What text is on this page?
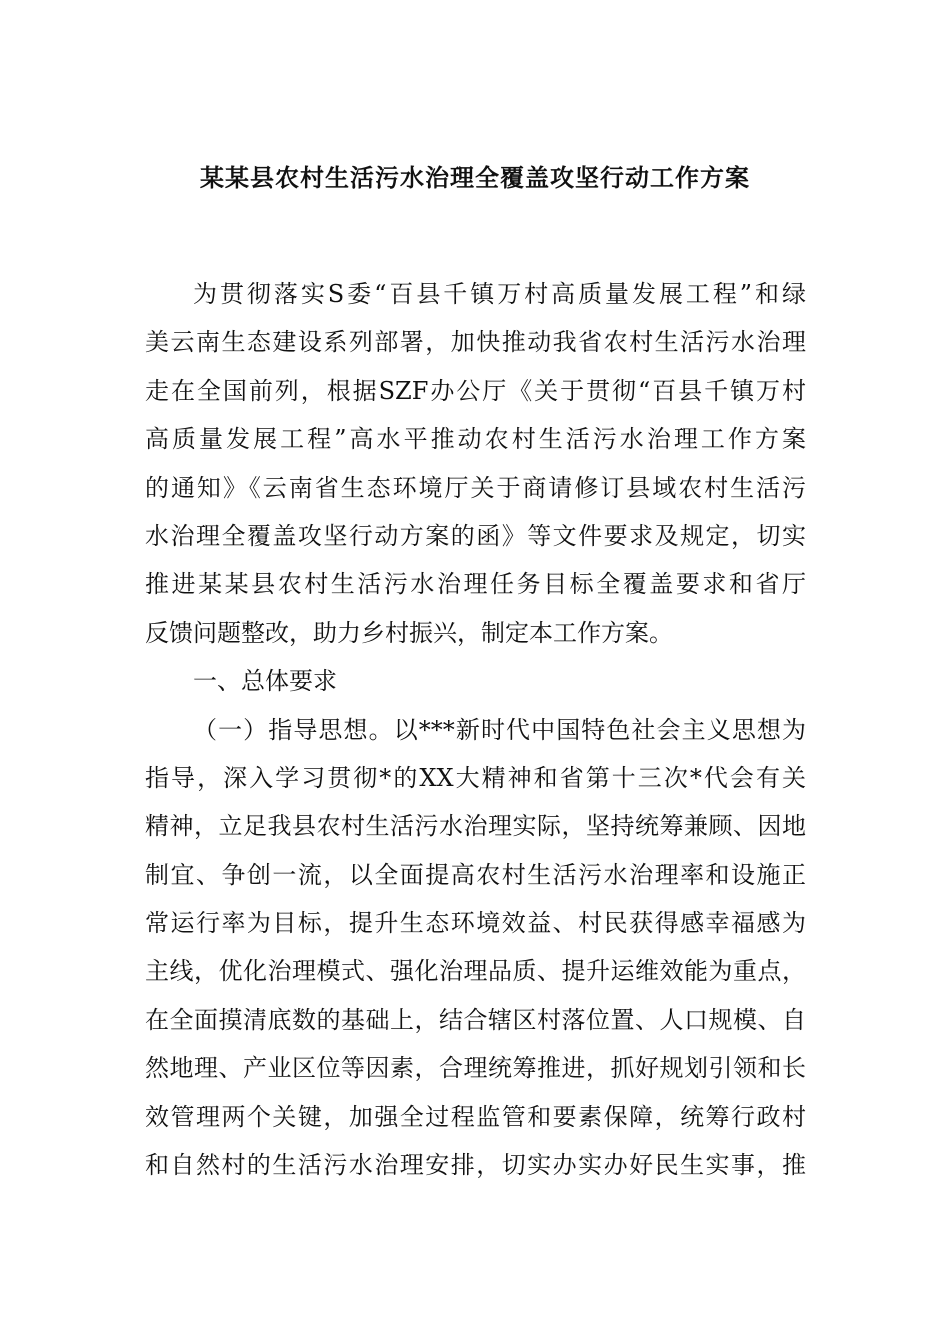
某某县农村生活污水治理全覆盖攻坚行动工作方案
为贯彻落实S委“百县千镇万村高质量发展工程”和绿
美云南生态建设系列部署，加快推动我省农村生活污水治理
走在全国前列，根据SZF办公厅《关于贯彻“百县千镇万村
高质量发展工程”高水平推动农村生活污水治理工作方案
的通知》《云南省生态环境厅关于商请修订县域农村生活污
水治理全覆盖攻坚行动方案的函》等文件要求及规定，切实
推进某某县农村生活污水治理任务目标全覆盖要求和省厅
反馈问题整改，助力乡村振兴，制定本工作方案。
一、总体要求
（一）指导思想。以***新时代中国特色社会主义思想为
指导，深入学习贯彻*的XX大精神和省第十三次*代会有关
精神，立足我县农村生活污水治理实际，坚持统筹兼顾、因地
制宜、争创一流，以全面提高农村生活污水治理率和设施正
常运行率为目标，提升生态环境效益、村民获得感幸福感为
主线，优化治理模式、强化治理品质、提升运维效能为重点，
在全面摸清底数的基础上，结合辖区村落位置、人口规模、自
然地理、产业区位等因素，合理统筹推进，抓好规划引领和长
效管理两个关键，加强全过程监管和要素保障，统筹行政村
和自然村的生活污水治理安排，切实办实办好民生实事，推
